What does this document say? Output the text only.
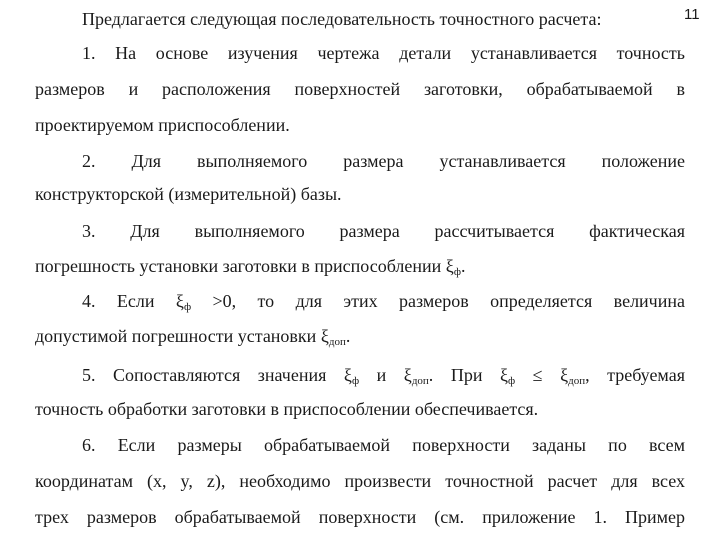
11
Предлагается следующая последовательность точностного расчета:
1. На основе изучения чертежа детали устанавливается точность
размеров и расположения поверхностей заготовки, обрабатываемой в
проектируемом приспособлении.
2. Для выполняемого размера устанавливается положение
конструкторской (измерительной) базы.
3. Для выполняемого размера рассчитывается фактическая
погрешность установки заготовки в приспособлении $\xi_ф$.
4. Если $\xi_ф >0$, то для этих размеров определяется величина
допустимой погрешности установки $\xi_{доп}$.
5. Сопоставляются значения $\xi_ф$ и $\xi_{доп}$. При $\xi_ф \le \xi_{доп}$, требуемая
точность обработки заготовки в приспособлении обеспечивается.
6. Если размеры обрабатываемой поверхности заданы по всем
координатам (x, y, z), необходимо произвести точностной расчет для всех
трех размеров обрабатываемой поверхности (см. приложение 1. Пример
